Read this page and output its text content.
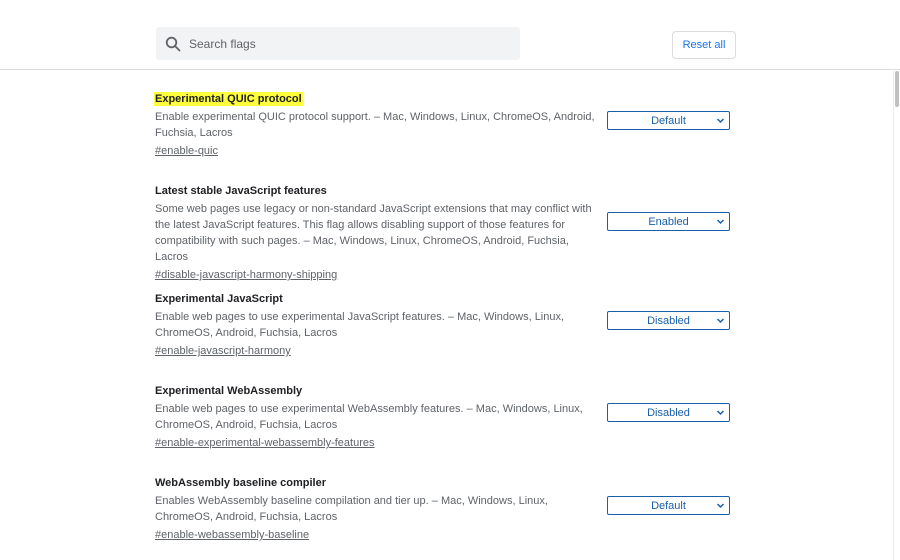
Search flags
Reset all
Experimental QUIC protocol
Enable experimental QUIC protocol support. – Mac, Windows, Linux, ChromeOS, Android, Fuchsia, Lacros
#enable-quic
Default
Latest stable JavaScript features
Some web pages use legacy or non-standard JavaScript extensions that may conflict with the latest JavaScript features. This flag allows disabling support of those features for compatibility with such pages. – Mac, Windows, Linux, ChromeOS, Android, Fuchsia, Lacros
#disable-javascript-harmony-shipping
Enabled
Experimental JavaScript
Enable web pages to use experimental JavaScript features. – Mac, Windows, Linux, ChromeOS, Android, Fuchsia, Lacros
#enable-javascript-harmony
Disabled
Experimental WebAssembly
Enable web pages to use experimental WebAssembly features. – Mac, Windows, Linux, ChromeOS, Android, Fuchsia, Lacros
#enable-experimental-webassembly-features
Disabled
WebAssembly baseline compiler
Enables WebAssembly baseline compilation and tier up. – Mac, Windows, Linux, ChromeOS, Android, Fuchsia, Lacros
#enable-webassembly-baseline
Default
